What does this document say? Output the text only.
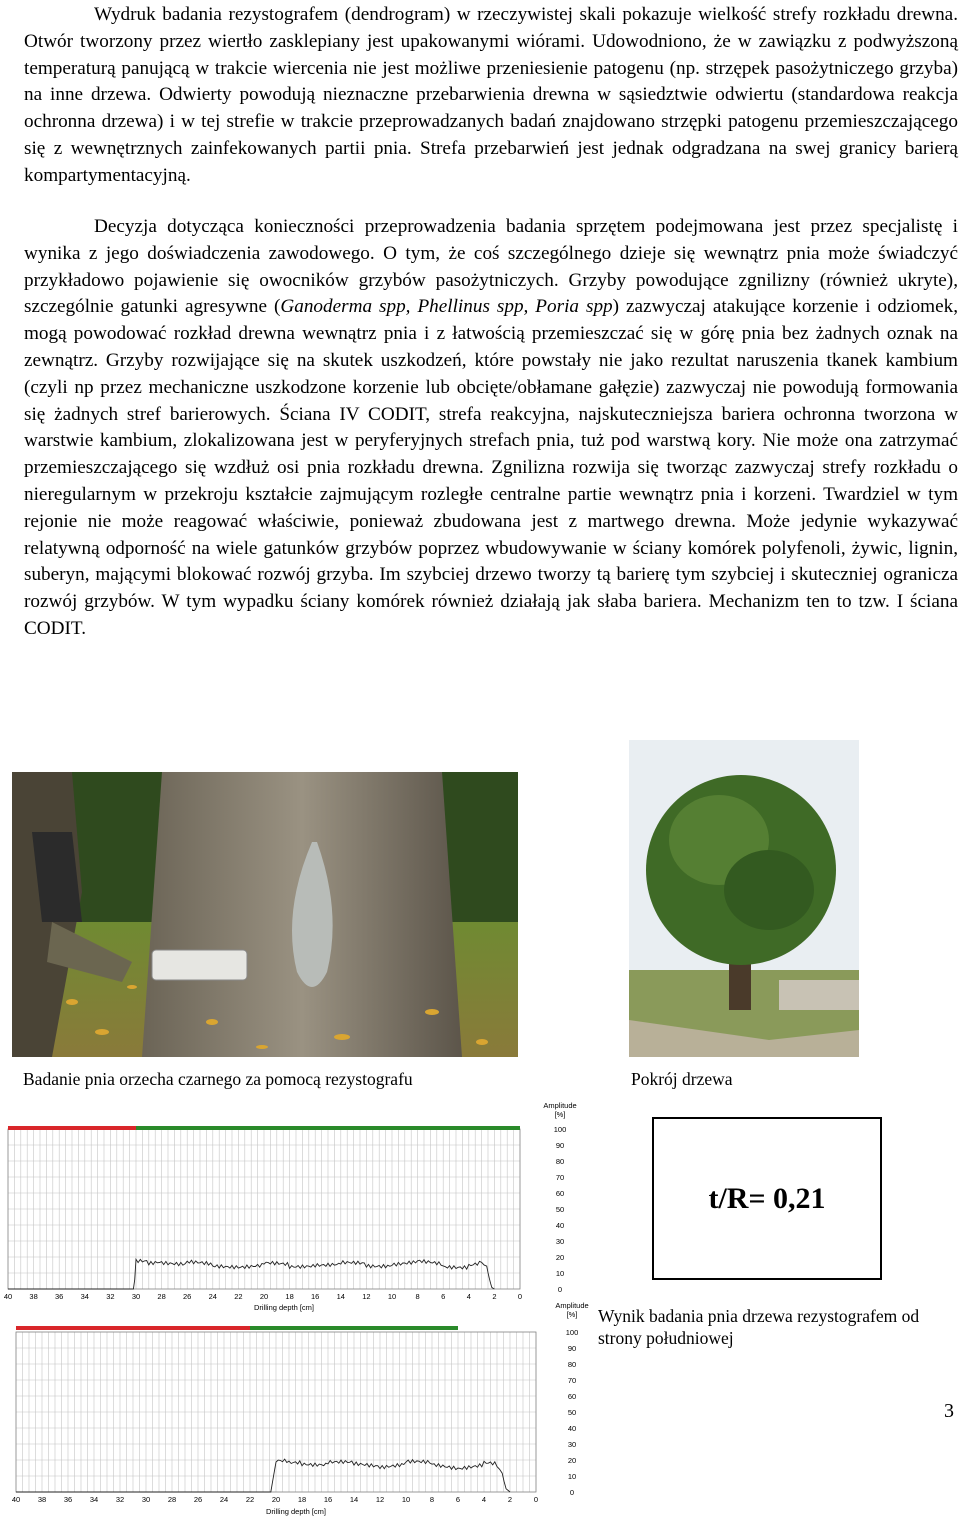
Wydruk badania rezystografem (dendrogram) w rzeczywistej skali pokazuje wielkość strefy rozkładu drewna. Otwór tworzony przez wiertło zasklepiany jest upakowanymi wiórami. Udowodniono, że w zawiązku z podwyższoną temperaturą panującą w trakcie wiercenia nie jest możliwe przeniesienie patogenu (np. strzępek pasożytniczego grzyba) na inne drzewa. Odwierty powodują nieznaczne przebarwienia drewna w sąsiedztwie odwiertu (standardowa reakcja ochronna drzewa) i w tej strefie w trakcie przeprowadzanych badań znajdowano strzępki patogenu przemieszczającego się z wewnętrznych zainfekowanych partii pnia. Strefa przebarwień jest jednak odgradzana na swej granicy barierą kompartymentacyjną.

Decyzja dotycząca konieczności przeprowadzenia badania sprzętem podejmowana jest przez specjalistę i wynika z jego doświadczenia zawodowego. O tym, że coś szczególnego dzieje się wewnątrz pnia może świadczyć przykładowo pojawienie się owocników grzybów pasożytniczych. Grzyby powodujące zgnilizny (również ukryte), szczególnie gatunki agresywne (Ganoderma spp, Phellinus spp, Poria spp) zazwyczaj atakujące korzenie i odziomek, mogą powodować rozkład drewna wewnątrz pnia i z łatwością przemieszczać się w górę pnia bez żadnych oznak na zewnątrz. Grzyby rozwijające się na skutek uszkodzeń, które powstały nie jako rezultat naruszenia tkanek kambium (czyli np przez mechaniczne uszkodzone korzenie lub obcięte/obłamane gałęzie) zazwyczaj nie powodują formowania się żadnych stref barierowych. Ściana IV CODIT, strefa reakcyjna, najskuteczniejsza bariera ochronna tworzona w warstwie kambium, zlokalizowana jest w peryferyjnych strefach pnia, tuż pod warstwą kory. Nie może ona zatrzymać przemieszczającego się wzdłuż osi pnia rozkładu drewna. Zgnilizna rozwija się tworząc zazwyczaj strefy rozkładu o nieregularnym w przekroju kształcie zajmującym rozległe centralne partie wewnątrz pnia i korzeni. Twardziel w tym rejonie nie może reagować właściwie, ponieważ zbudowana jest z martwego drewna. Może jedynie wykazywać relatywną odporność na wiele gatunków grzybów poprzez wbudowywanie w ściany komórek polyfenoli, żywic, lignin, suberyn, mającymi blokować rozwój grzyba. Im szybciej drzewo tworzy tą barierę tym szybciej i skuteczniej ogranicza rozwój grzybów. W tym wypadku ściany komórek również działają jak słaba bariera. Mechanizm ten to tzw. I ściana CODIT.

Badanie pnia orzecha czarnego za pomocą rezystografu	Pokrój drzewa
40 38 36 34 32 30 28 26 24 22 20 18 16 14 12 10	8	6	4	2	0
0
10
20
30
40
50
60
70
80
90
100
Amplitude
[%]
Drilling depth [cm]
40 38 36 34 32 30 28 26 24 22 20 18 16 14 12 10	8	6	4	2	0
0
10
20
30
40
50
60
70
80
90
100
Amplitude
[%]
Drilling depth [cm]
t/R= 0,21
Wynik badania pnia drzewa rezystografem od strony południowej
3
